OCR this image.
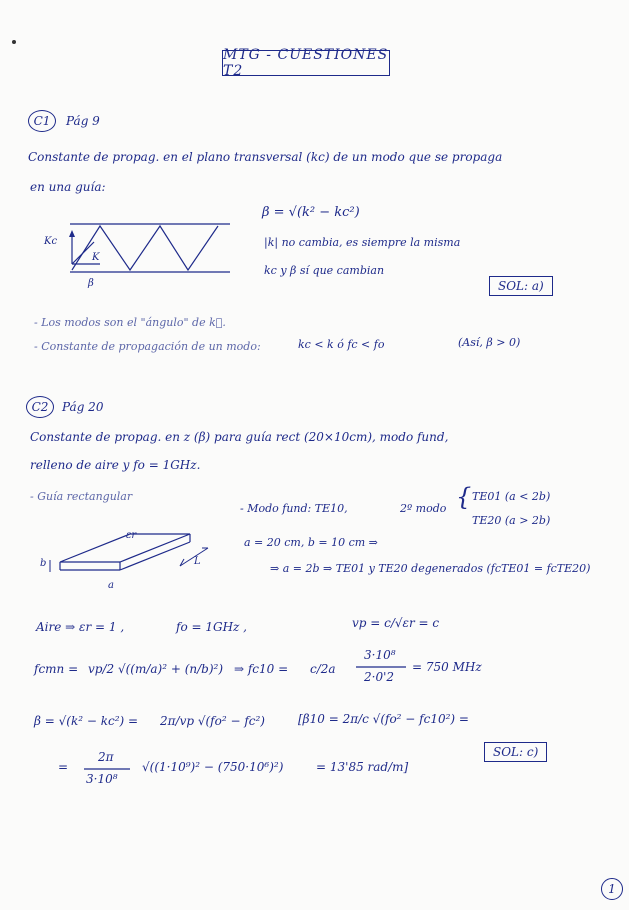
MTG - CUESTIONES T2
C1	Pág 9
Constante de propag. en el plano transversal (kc) de un modo que se propaga
en una guía:
β = √(k² − kc²)
|k| no cambia, es siempre la misma
kc y β sí que cambian
Kc
K
β	SOL: a)
- Los modos son el "ángulo" de k⃗.
- Constante de propagación de un modo:	kc < k ó fc < fo	(Así, β > 0)
C2	Pág 20
Constante de propag. en z (β) para guía rect (20×10cm), modo fund,
relleno de aire y fo = 1GHz.
- Guía rectangular
- Modo fund: TE10,	2º modo { TE01 (a < 2b)
TE20 (a > 2b)
a = 20 cm, b = 10 cm ⇒
⇒ a = 2b ⇒ TE01 y TE20 degenerados (fcTE01 = fcTE20)
εr
b
a
L
Aire ⇒ εr = 1 ,	fo = 1GHz ,	vp = c/√εr = c
fcmn = vp/2 √((m/a)² + (n/b)²) ⇒ fc10 = c/2a
3·10⁸
2·0'2
= 750 MHz
β = √(k² − kc²) = 2π/vp √(fo² − fc²)	[β10 = 2π/c √(fo² − fc10²) =
2π
3·10⁸
=	√((1·10⁹)² − (750·10⁶)²)	= 13'85 rad/m]
SOL: c)
1
